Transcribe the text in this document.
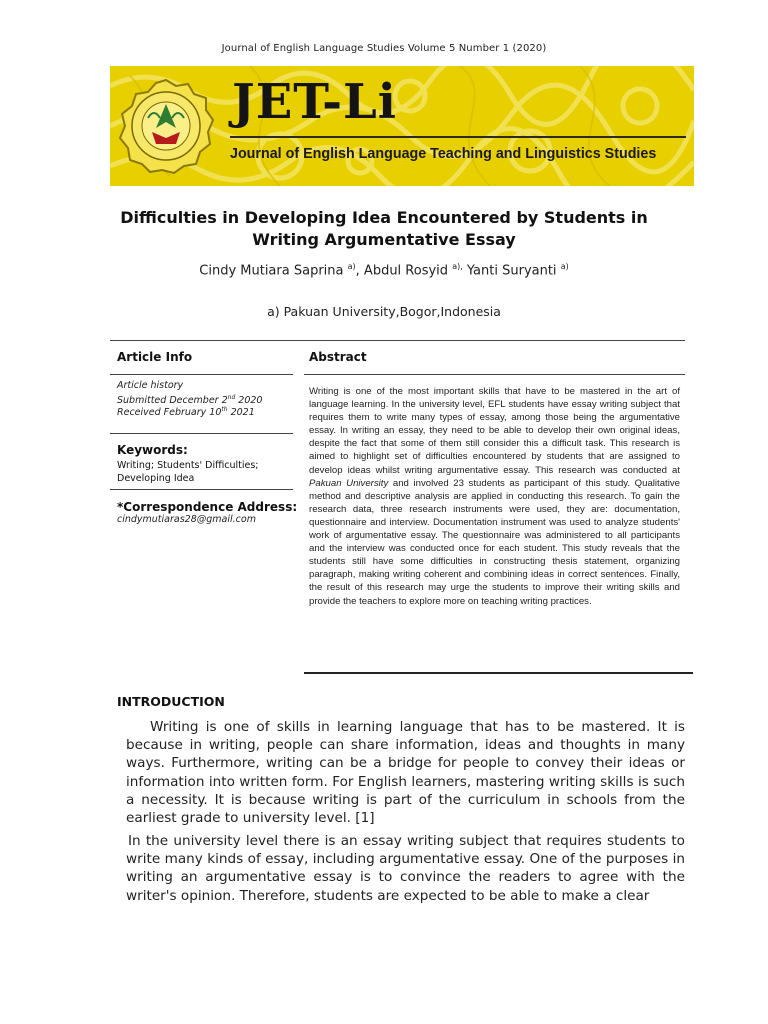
Journal of English Language Studies Volume 5 Number 1 (2020)
JET-Li
Journal of English Language Teaching and Linguistics Studies
Difficulties in Developing Idea Encountered by Students in
Writing Argumentative Essay
Cindy Mutiara Saprina $^{a)}$, Abdul Rosyid $^{a),}$ Yanti Suryanti $^{a)}$
a) Pakuan University,Bogor,Indonesia
Article Info	Abstract
Article history
Submitted December 2nd 2020
Received February 10th 2021
Keywords:
Writing; Students' Difficulties;
Developing Idea
*Correspondence Address:
cindymutiaras28@gmail.com

Writing is one of the most important skills that have to be mastered in the art of language learning. In the university level, EFL students have essay writing subject that requires them to write many types of essay, among those being the argumentative essay. In writing an essay, they need to be able to develop their own original ideas, despite the fact that some of them still consider this a difficult task. This research is aimed to highlight set of difficulties encountered by students that are assigned to develop ideas whilst writing argumentative essay. This research was conducted at Pakuan University and involved 23 students as participant of this study. Qualitative method and descriptive analysis are applied in conducting this research. To gain the research data, three research instruments were used, they are: documentation, questionnaire and interview. Documentation instrument was used to analyze students' work of argumentative essay. The questionnaire was administered to all participants and the interview was conducted once for each student. This study reveals that the students still have some difficulties in constructing thesis statement, organizing paragraph, making writing coherent and combining ideas in correct sentences. Finally, the result of this research may urge the students to improve their writing skills and provide the teachers to explore more on teaching writing practices.

INTRODUCTION

Writing is one of skills in learning language that has to be mastered. It is because in writing, people can share information, ideas and thoughts in many ways. Furthermore, writing can be a bridge for people to convey their ideas or information into written form. For English learners, mastering writing skills is such a necessity. It is because writing is part of the curriculum in schools from the earliest grade to university level. [1]

In the university level there is an essay writing subject that requires students to write many kinds of essay, including argumentative essay. One of the purposes in writing an argumentative essay is to convince the readers to agree with the writer's opinion. Therefore, students are expected to be able to make a clear
